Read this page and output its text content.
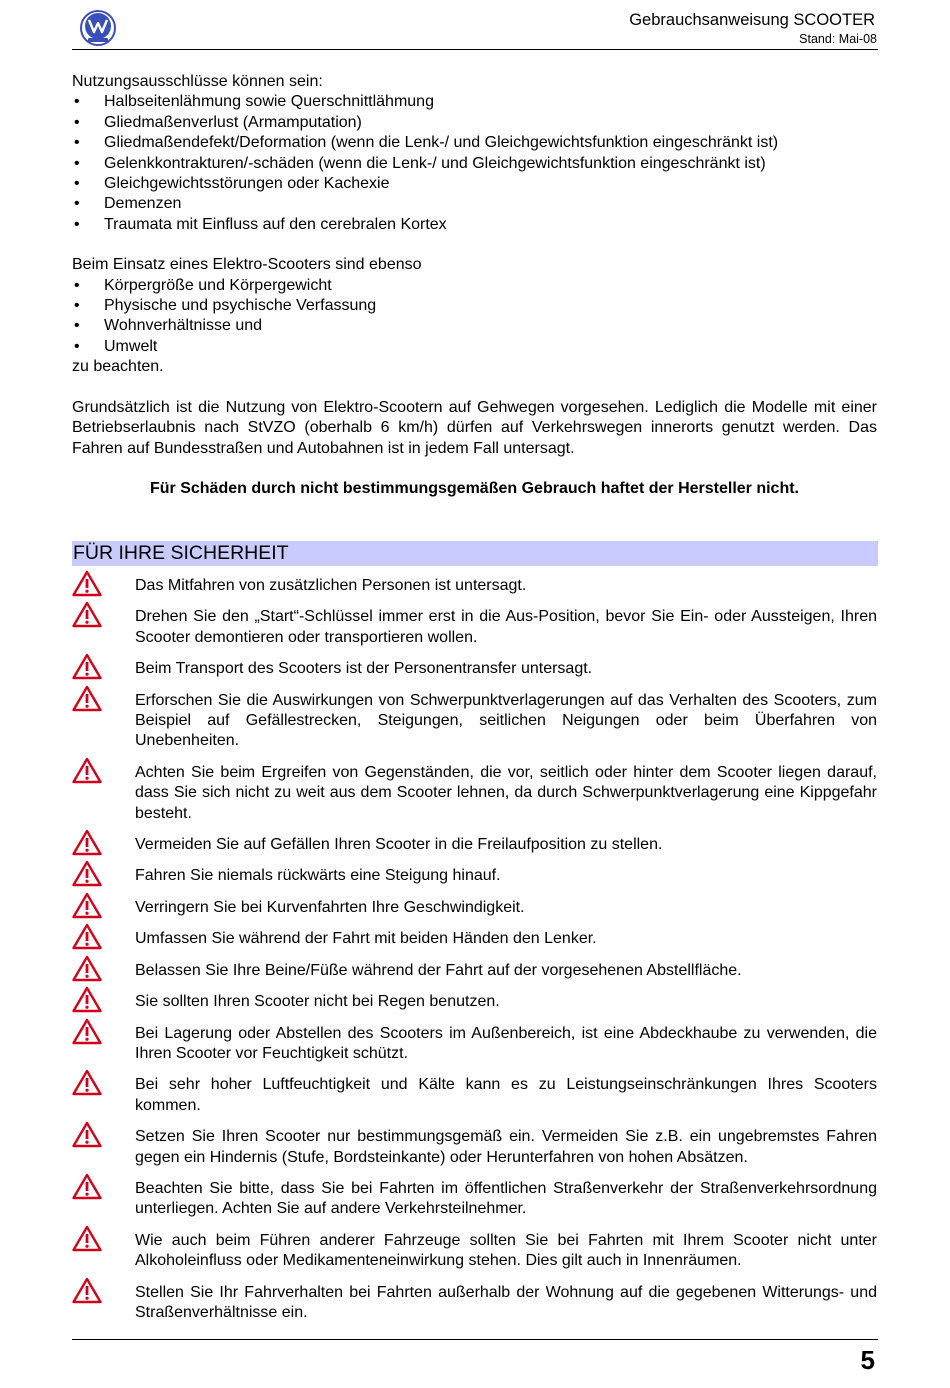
Gebrauchsanweisung SCOOTER
Stand: Mai-08

Nutzungsausschlüsse können sein:

• Halbseitenlähmung sowie Querschnittlähmung
• Gliedmaßenverlust (Armamputation)
• Gliedmaßendefekt/Deformation (wenn die Lenk-/ und Gleichgewichtsfunktion eingeschränkt ist)
• Gelenkkontrakturen/-schäden (wenn die Lenk-/ und Gleichgewichtsfunktion eingeschränkt ist)
• Gleichgewichtsstörungen oder Kachexie
• Demenzen
• Traumata mit Einfluss auf den cerebralen Kortex

Beim Einsatz eines Elektro-Scooters sind ebenso

• Körpergröße und Körpergewicht
• Physische und psychische Verfassung
• Wohnverhältnisse und
• Umwelt

zu beachten.

Grundsätzlich ist die Nutzung von Elektro-Scootern auf Gehwegen vorgesehen. Lediglich die Modelle mit einer Betriebserlaubnis nach StVZO (oberhalb 6 km/h) dürfen auf Verkehrswegen innerorts genutzt werden. Das Fahren auf Bundesstraßen und Autobahnen ist in jedem Fall untersagt.

Für Schäden durch nicht bestimmungsgemäßen Gebrauch haftet der Hersteller nicht.

FÜR IHRE SICHERHEIT
Das Mitfahren von zusätzlichen Personen ist untersagt.
Drehen Sie den „Start“-Schlüssel immer erst in die Aus-Position, bevor Sie Ein- oder Aussteigen, Ihren Scooter demontieren oder transportieren wollen.
Beim Transport des Scooters ist der Personentransfer untersagt.
Erforschen Sie die Auswirkungen von Schwerpunktverlagerungen auf das Verhalten des Scooters, zum Beispiel auf Gefällestrecken, Steigungen, seitlichen Neigungen oder beim Überfahren von Unebenheiten.
Achten Sie beim Ergreifen von Gegenständen, die vor, seitlich oder hinter dem Scooter liegen darauf, dass Sie sich nicht zu weit aus dem Scooter lehnen, da durch Schwerpunktverlagerung eine Kippgefahr besteht.
Vermeiden Sie auf Gefällen Ihren Scooter in die Freilaufposition zu stellen.
Fahren Sie niemals rückwärts eine Steigung hinauf.
Verringern Sie bei Kurvenfahrten Ihre Geschwindigkeit.
Umfassen Sie während der Fahrt mit beiden Händen den Lenker.
Belassen Sie Ihre Beine/Füße während der Fahrt auf der vorgesehenen Abstellfläche.
Sie sollten Ihren Scooter nicht bei Regen benutzen.
Bei Lagerung oder Abstellen des Scooters im Außenbereich, ist eine Abdeckhaube zu verwenden, die Ihren Scooter vor Feuchtigkeit schützt.
Bei sehr hoher Luftfeuchtigkeit und Kälte kann es zu Leistungseinschränkungen Ihres Scooters kommen.
Setzen Sie Ihren Scooter nur bestimmungsgemäß ein. Vermeiden Sie z.B. ein ungebremstes Fahren gegen ein Hindernis (Stufe, Bordsteinkante) oder Herunterfahren von hohen Absätzen.
Beachten Sie bitte, dass Sie bei Fahrten im öffentlichen Straßenverkehr der Straßenverkehrsordnung unterliegen. Achten Sie auf andere Verkehrsteilnehmer.
Wie auch beim Führen anderer Fahrzeuge sollten Sie bei Fahrten mit Ihrem Scooter nicht unter Alkoholeinfluss oder Medikamenteneinwirkung stehen. Dies gilt auch in Innenräumen.
Stellen Sie Ihr Fahrverhalten bei Fahrten außerhalb der Wohnung auf die gegebenen Witterungs- und Straßenverhältnisse ein.
5
